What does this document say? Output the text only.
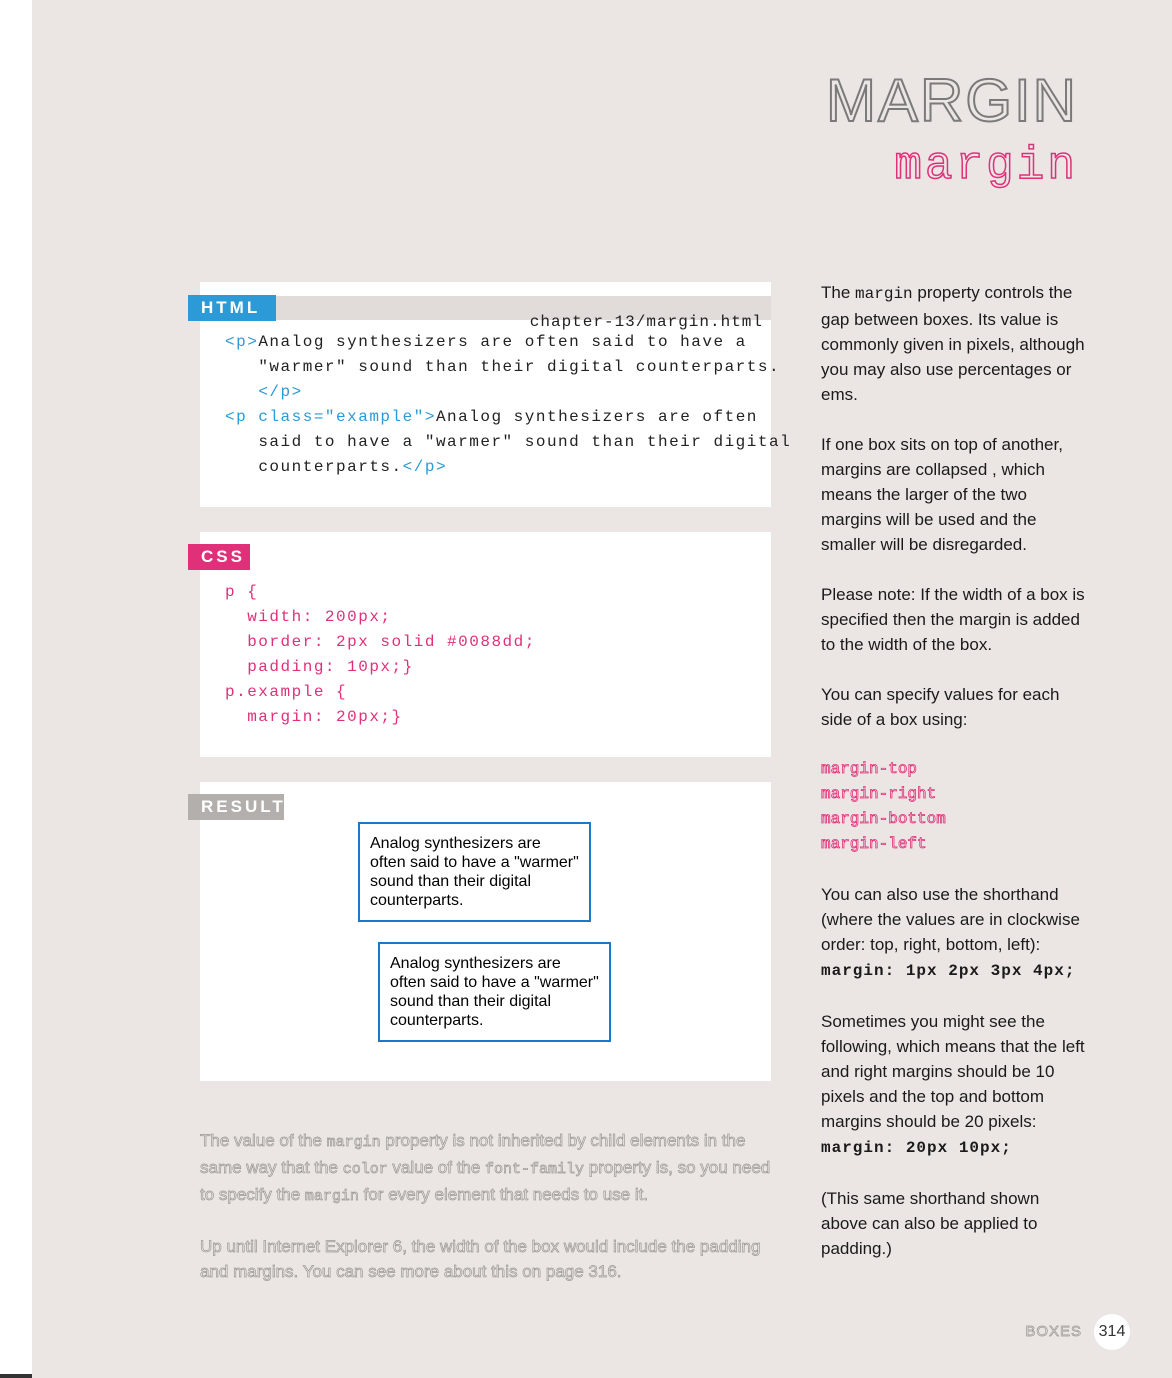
MARGIN
margin
chapter-13/margin.html
<p>Analog synthesizers are often said to have a
"warmer" sound than their digital counterparts.
</p>
<p class="example">Analog synthesizers are often
said to have a "warmer" sound than their digital
counterparts.</p>
HTML
p {
width: 200px;
border: 2px solid #0088dd;
padding: 10px;}
p.example {
margin: 20px;}
CSS
Analog synthesizers are often said to have a "warmer" sound than their digital counterparts.
Analog synthesizers are often said to have a "warmer" sound than their digital counterparts.
RESULT

The value of the margin property is not inherited by child elements in the same way that the color value of the font-family property is, so you need to specify the margin for every element that needs to use it.

Up until Internet Explorer 6, the width of the box would include the padding and margins. You can see more about this on page 316.

The margin property controls the gap between boxes. Its value is commonly given in pixels, although you may also use percentages or ems.

If one box sits on top of another, margins are collapsed , which means the larger of the two margins will be used and the smaller will be disregarded.

Please note: If the width of a box is specified then the margin is added to the width of the box.

You can specify values for each side of a box using:

margin-top
margin-right
margin-bottom
margin-left

You can also use the shorthand (where the values are in clockwise order: top, right, bottom, left):
margin: 1px 2px 3px 4px;

Sometimes you might see the following, which means that the left and right margins should be 10 pixels and the top and bottom margins should be 20 pixels:
margin: 20px 10px;

(This same shorthand shown above can also be applied to padding.)

BOXES 314
